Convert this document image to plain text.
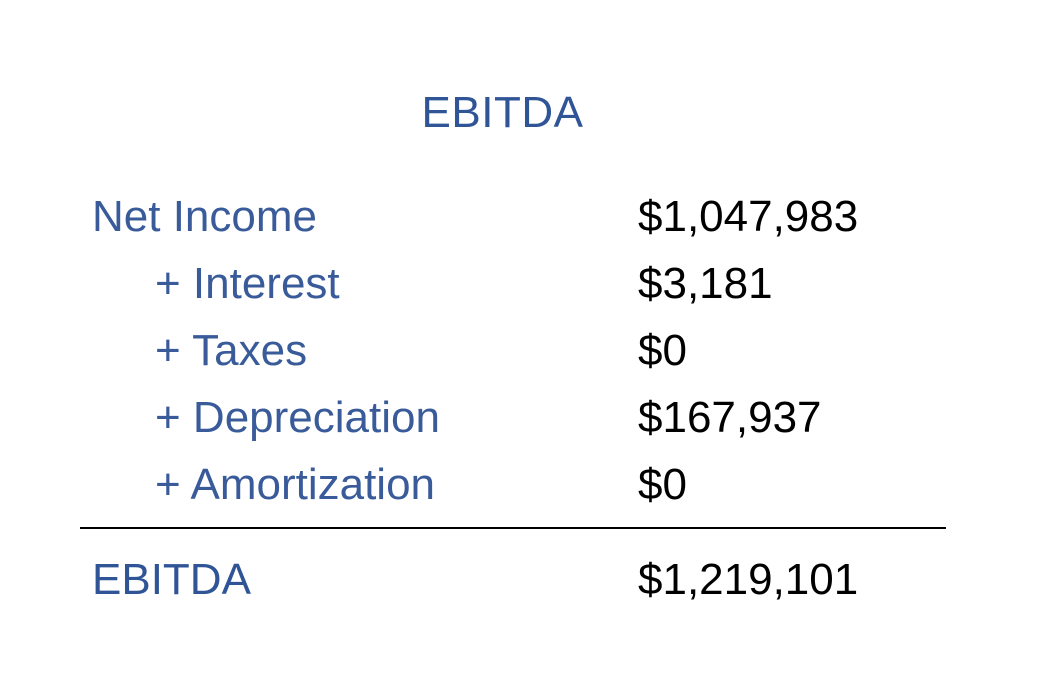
EBITDA
Net Income	$1,047,983
+ Interest	$3,181
+ Taxes	$0
+ Depreciation	$167,937
+ Amortization	$0
EBITDA	$1,219,101
